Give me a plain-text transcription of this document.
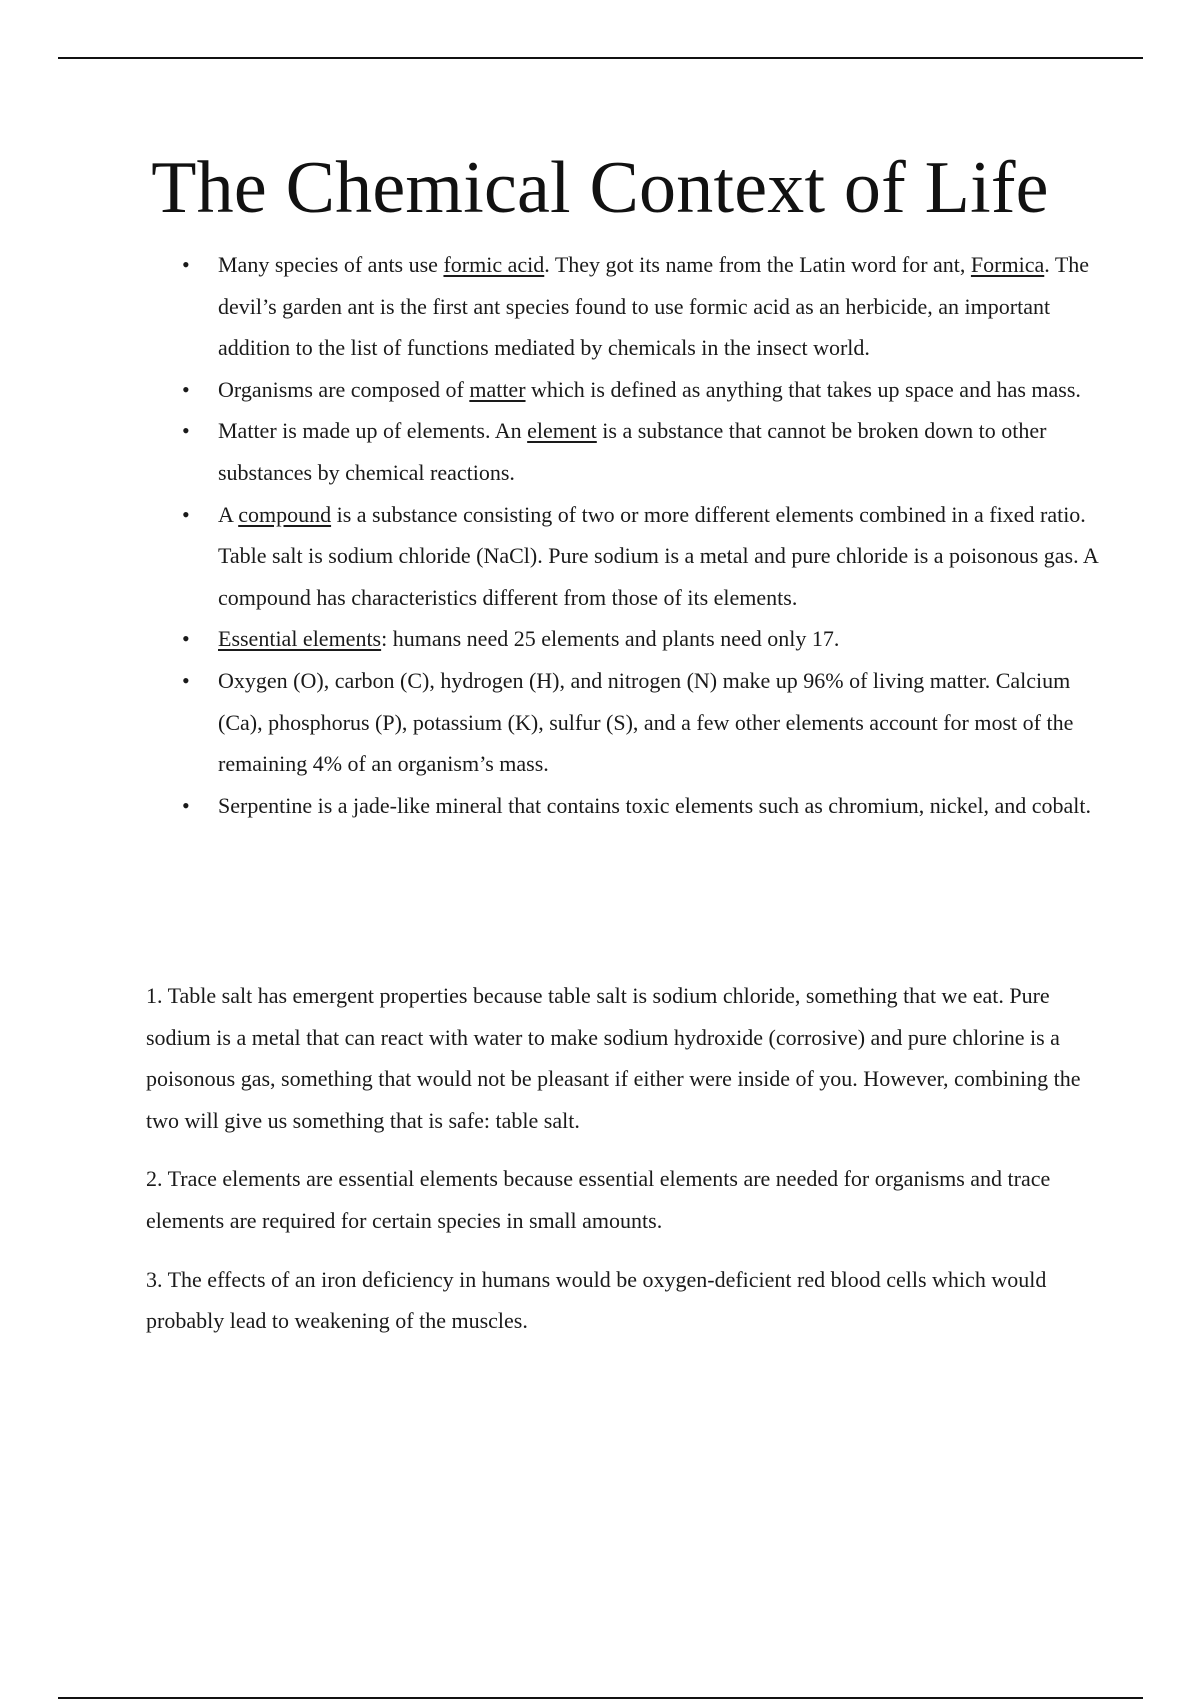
The Chemical Context of Life
• Many species of ants use formic acid. They got its name from the Latin word for ant, Formica. The devil’s garden ant is the first ant species found to use formic acid as an herbicide, an important addition to the list of functions mediated by chemicals in the insect world.
• Organisms are composed of matter which is defined as anything that takes up space and has mass.
• Matter is made up of elements. An element is a substance that cannot be broken down to other substances by chemical reactions.
• A compound is a substance consisting of two or more different elements combined in a fixed ratio. Table salt is sodium chloride (NaCl). Pure sodium is a metal and pure chloride is a poisonous gas. A compound has characteristics different from those of its elements.
• Essential elements: humans need 25 elements and plants need only 17.
• Oxygen (O), carbon (C), hydrogen (H), and nitrogen (N) make up 96% of living matter. Calcium (Ca), phosphorus (P), potassium (K), sulfur (S), and a few other elements account for most of the remaining 4% of an organism’s mass.
• Serpentine is a jade-like mineral that contains toxic elements such as chromium, nickel, and cobalt.

1. Table salt has emergent properties because table salt is sodium chloride, something that we eat. Pure sodium is a metal that can react with water to make sodium hydroxide (corrosive) and pure chlorine is a poisonous gas, something that would not be pleasant if either were inside of you. However, combining the two will give us something that is safe: table salt.

2. Trace elements are essential elements because essential elements are needed for organisms and trace elements are required for certain species in small amounts.

3. The effects of an iron deficiency in humans would be oxygen-deficient red blood cells which would probably lead to weakening of the muscles.
